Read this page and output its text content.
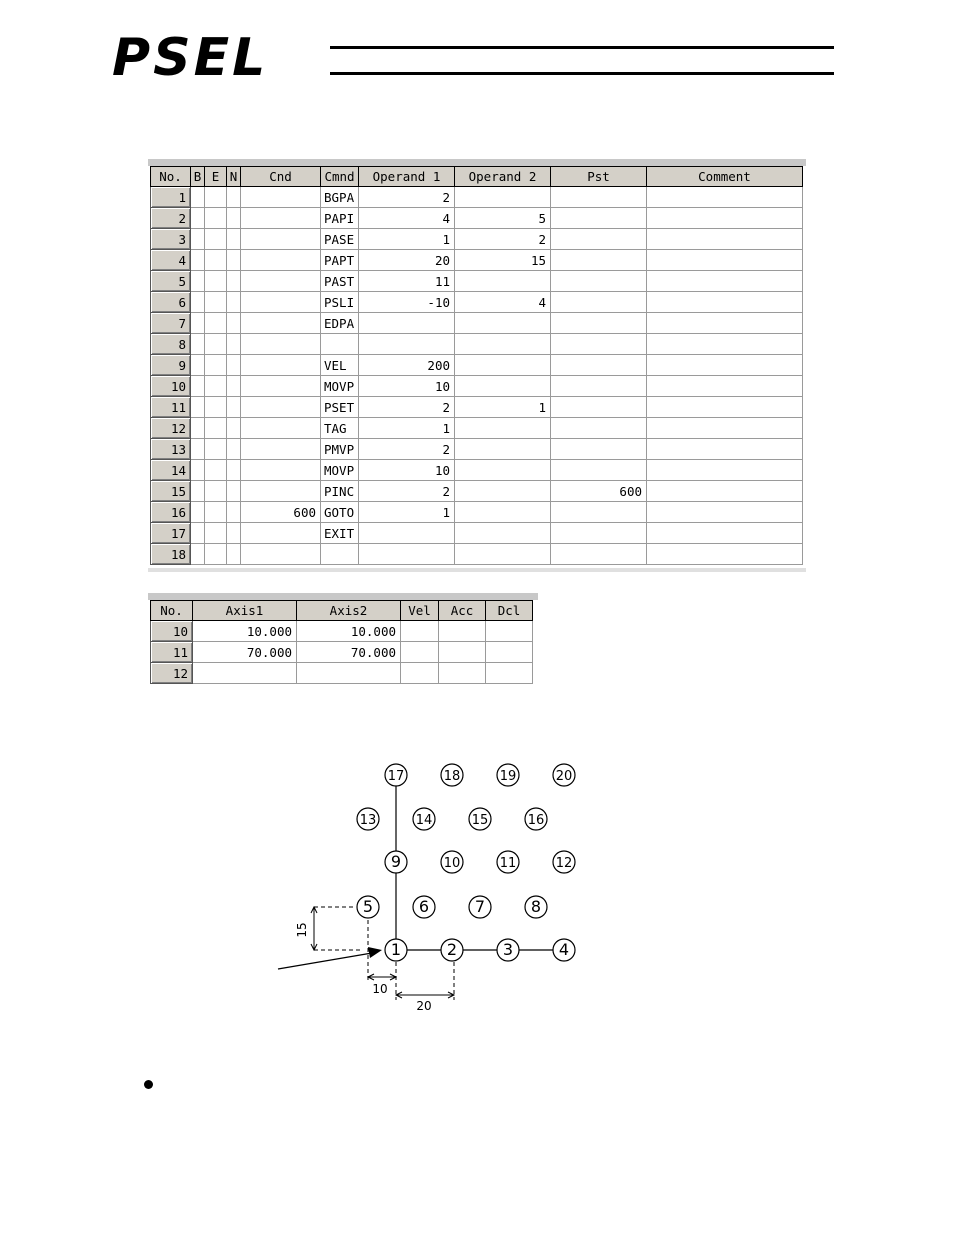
PSEL
No.	B	E	N	Cnd	Cmnd	Operand 1	Operand 2	Pst	Comment
1					BGPA	2			
2					PAPI	4	5		
3					PASE	1	2		
4					PAPT	20	15		
5					PAST	11			
6					PSLI	-10	4		
7					EDPA				
8									
9					VEL	200			
10					MOVP	10			
11					PSET	2	1		
12					TAG	1			
13					PMVP	2			
14					MOVP	10			
15					PINC	2		600	
16				600	GOTO	1			
17					EXIT				
18									
No.	Axis1	Axis2	Vel	Acc	Dcl
10	10.000	10.000			
11	70.000	70.000			
12					
15
10
20
1	2	3	4
5	6	7	8
9	10	11	12
13	14	15	16
17	18	19	20
